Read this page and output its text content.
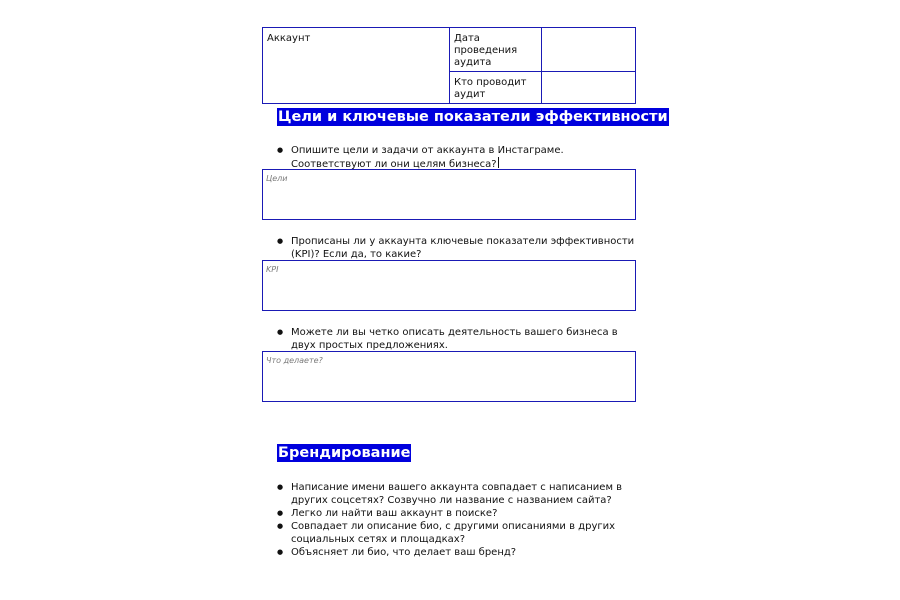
Аккаунт	Дата проведения аудита	
	Кто проводит аудит	
Цели и ключевые показатели эффективности
● Опишите цели и задачи от аккаунта в Инстаграме. Соответствуют ли они целям бизнеса?
Цели
● Прописаны ли у аккаунта ключевые показатели эффективности (KPI)? Если да, то какие?
KPI
● Можете ли вы четко описать деятельность вашего бизнеса в двух простых предложениях.
Что делаете?
Брендирование
● Написание имени вашего аккаунта совпадает с написанием в других соцсетях? Созвучно ли название с названием сайта?
● Легко ли найти ваш аккаунт в поиске?
● Совпадает ли описание био, с другими описаниями в других социальных сетях и площадках?
● Объясняет ли био, что делает ваш бренд?
